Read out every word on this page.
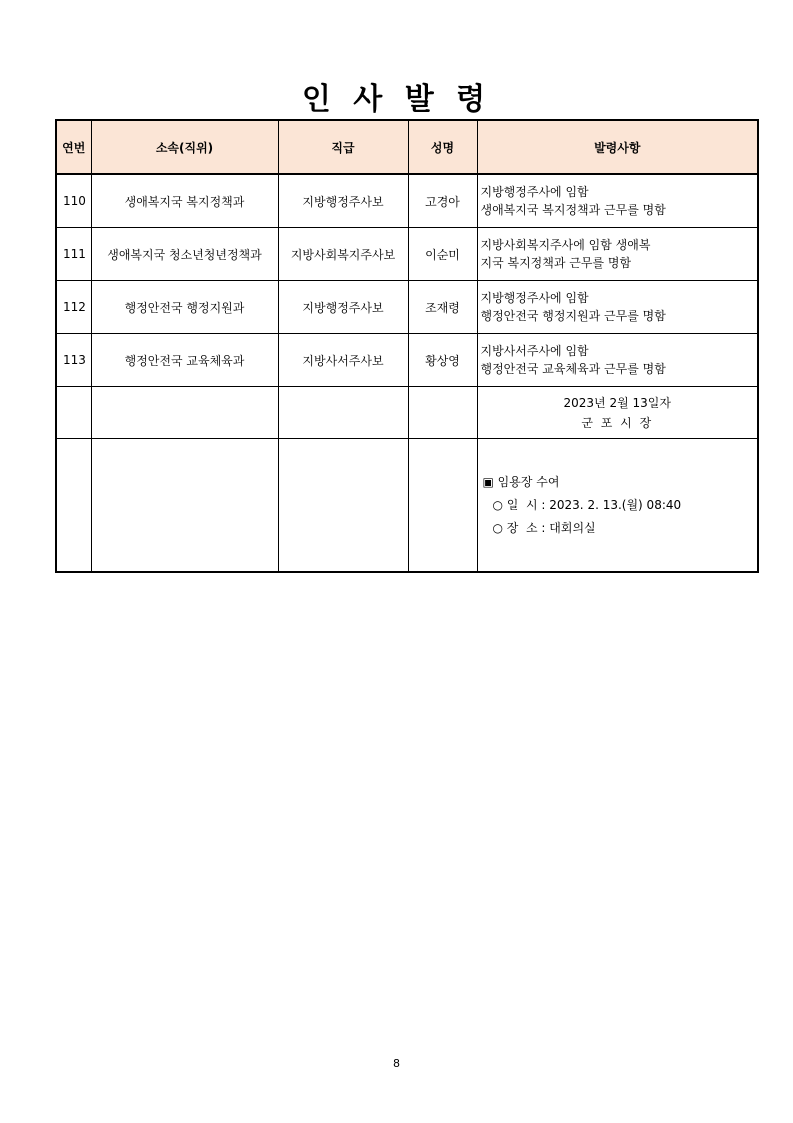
인 사 발 령
연번	소속(직위)	직급	성명	발령사항
110	생애복지국 복지정책과	지방행정주사보	고경아	지방행정주사에 임함
생애복지국 복지정책과 근무를 명함

111	생애복지국 청소년청년정책과	지방사회복지주사보	이순미	지방사회복지주사에 임함 생애복
지국 복지정책과 근무를 명함

112	행정안전국 행정지원과	지방행정주사보	조재령	지방행정주사에 임함
행정안전국 행정지원과 근무를 명함

113	행정안전국 교육체육과	지방사서주사보	황상영	지방사서주사에 임함
행정안전국 교육체육과 근무를 명함

				2023년 2월 13일자
군 포 시 장

				▣ 임용장 수여
○ 일  시 : 2023. 2. 13.(월) 08:40
○ 장  소 : 대회의실
8
